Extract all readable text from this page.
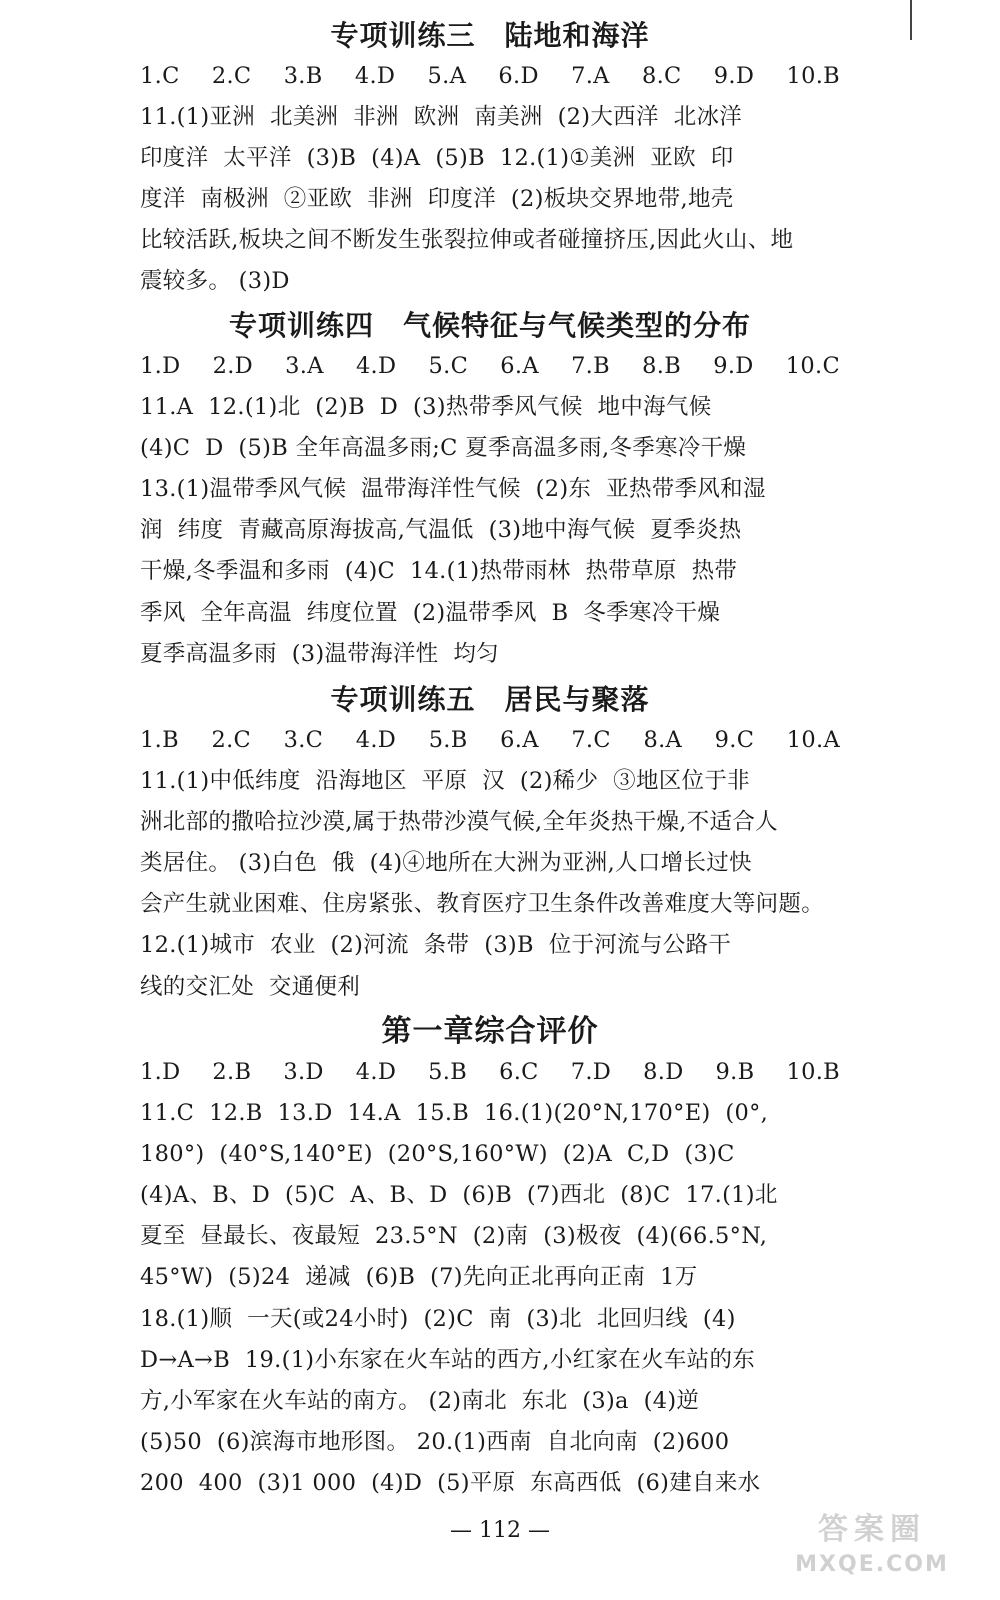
专项训练三　陆地和海洋
1.C 2.C 3.B 4.D 5.A 6.D 7.A 8.C 9.D 10.B
11.(1)亚洲  北美洲  非洲  欧洲  南美洲  (2)大西洋  北冰洋
印度洋  太平洋  (3)B  (4)A  (5)B  12.(1)①美洲  亚欧  印
度洋  南极洲  ②亚欧  非洲  印度洋  (2)板块交界地带,地壳
比较活跃,板块之间不断发生张裂拉伸或者碰撞挤压,因此火山、地
震较多。 (3)D
专项训练四　气候特征与气候类型的分布
1.D 2.D 3.A 4.D 5.C 6.A 7.B 8.B 9.D 10.C
11.A  12.(1)北  (2)B  D  (3)热带季风气候  地中海气候
(4)C  D  (5)B 全年高温多雨;C 夏季高温多雨,冬季寒冷干燥
13.(1)温带季风气候  温带海洋性气候  (2)东  亚热带季风和湿
润  纬度  青藏高原海拔高,气温低  (3)地中海气候  夏季炎热
干燥,冬季温和多雨  (4)C  14.(1)热带雨林  热带草原  热带
季风  全年高温  纬度位置  (2)温带季风  B  冬季寒冷干燥
夏季高温多雨  (3)温带海洋性  均匀
专项训练五　居民与聚落
1.B 2.C 3.C 4.D 5.B 6.A 7.C 8.A 9.C 10.A
11.(1)中低纬度  沿海地区  平原  汉  (2)稀少  ③地区位于非
洲北部的撒哈拉沙漠,属于热带沙漠气候,全年炎热干燥,不适合人
类居住。 (3)白色  俄  (4)④地所在大洲为亚洲,人口增长过快
会产生就业困难、住房紧张、教育医疗卫生条件改善难度大等问题。
12.(1)城市  农业  (2)河流  条带  (3)B  位于河流与公路干
线的交汇处  交通便利
第一章综合评价
1.D 2.B 3.D 4.D 5.B 6.C 7.D 8.D 9.B 10.B
11.C  12.B  13.D  14.A  15.B  16.(1)(20°N,170°E)  (0°,
180°)  (40°S,140°E)  (20°S,160°W)  (2)A  C,D  (3)C
(4)A、B、D  (5)C  A、B、D  (6)B  (7)西北  (8)C  17.(1)北
夏至  昼最长、夜最短  23.5°N  (2)南  (3)极夜  (4)(66.5°N,
45°W)  (5)24  递减  (6)B  (7)先向正北再向正南  1万
18.(1)顺  一天(或24小时)  (2)C  南  (3)北  北回归线  (4)
D→A→B  19.(1)小东家在火车站的西方,小红家在火车站的东
方,小军家在火车站的南方。 (2)南北  东北  (3)a  (4)逆
(5)50  (6)滨海市地形图。 20.(1)西南  自北向南  (2)600
200  400  (3)1 000  (4)D  (5)平原  东高西低  (6)建自来水
— 112 —	答案圈
MXQE.COM
